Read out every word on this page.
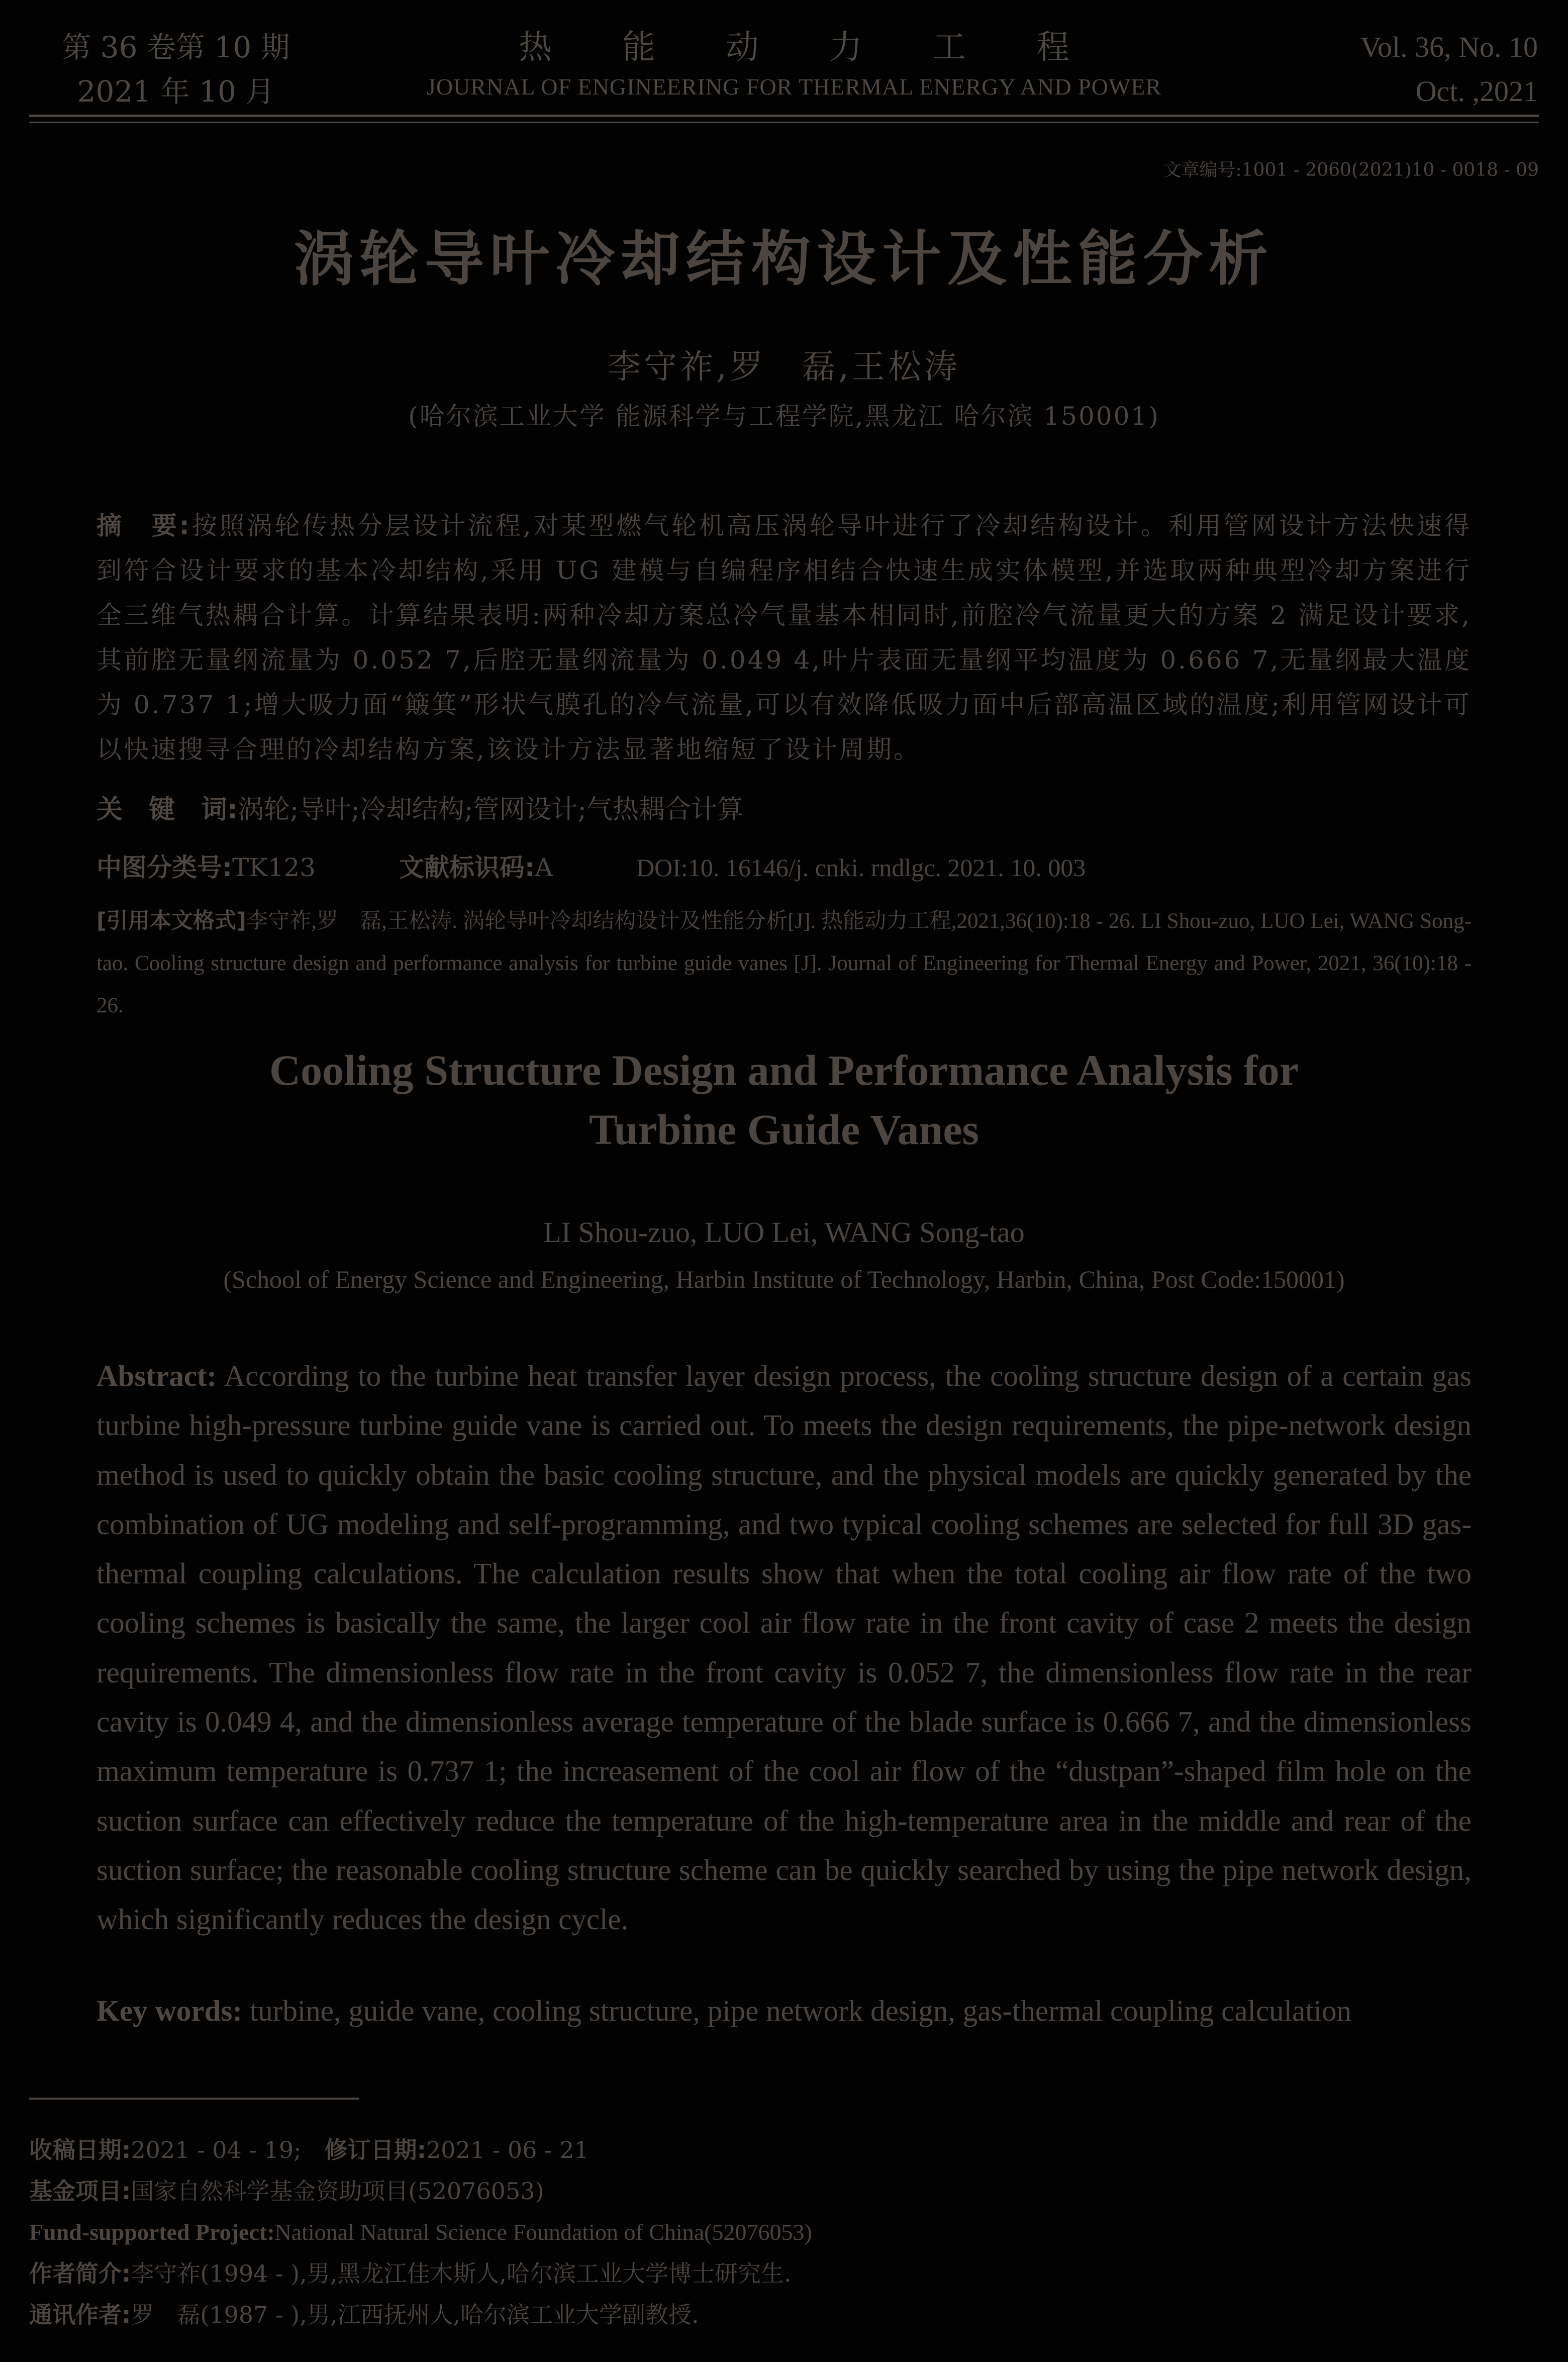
第 36 卷第 10 期
2021 年 10 月
热能动力工程
JOURNAL OF ENGINEERING FOR THERMAL ENERGY AND POWER
Vol. 36, No. 10
Oct. ,2021
文章编号:1001 - 2060(2021)10 - 0018 - 09
涡轮导叶冷却结构设计及性能分析
李守祚,罗　磊,王松涛
(哈尔滨工业大学 能源科学与工程学院,黑龙江 哈尔滨 150001)
摘　要:按照涡轮传热分层设计流程,对某型燃气轮机高压涡轮导叶进行了冷却结构设计。利用管网设计方法快速得到符合设计要求的基本冷却结构,采用 UG 建模与自编程序相结合快速生成实体模型,并选取两种典型冷却方案进行全三维气热耦合计算。计算结果表明:两种冷却方案总冷气量基本相同时,前腔冷气流量更大的方案 2 满足设计要求,其前腔无量纲流量为 0.052 7,后腔无量纲流量为 0.049 4,叶片表面无量纲平均温度为 0.666 7,无量纲最大温度为 0.737 1;增大吸力面“簸箕”形状气膜孔的冷气流量,可以有效降低吸力面中后部高温区域的温度;利用管网设计可以快速搜寻合理的冷却结构方案,该设计方法显著地缩短了设计周期。
关　键　词:涡轮;导叶;冷却结构;管网设计;气热耦合计算
中图分类号:TK123	文献标识码:A	DOI:10. 16146/j. cnki. rndlgc. 2021. 10. 003
[引用本文格式]李守祚,罗　磊,王松涛. 涡轮导叶冷却结构设计及性能分析[J]. 热能动力工程,2021,36(10):18 - 26. LI Shou-zuo, LUO Lei, WANG Song-tao. Cooling structure design and performance analysis for turbine guide vanes [J]. Journal of Engineering for Thermal Energy and Power, 2021, 36(10):18 - 26.
Cooling Structure Design and Performance Analysis for
Turbine Guide Vanes
LI Shou-zuo, LUO Lei, WANG Song-tao
(School of Energy Science and Engineering, Harbin Institute of Technology, Harbin, China, Post Code:150001)
Abstract: According to the turbine heat transfer layer design process, the cooling structure design of a certain gas turbine high-pressure turbine guide vane is carried out. To meets the design requirements, the pipe-network design method is used to quickly obtain the basic cooling structure, and the physical models are quickly generated by the combination of UG modeling and self-programming, and two typical cooling schemes are selected for full 3D gas-thermal coupling calculations. The calculation results show that when the total cooling air flow rate of the two cooling schemes is basically the same, the larger cool air flow rate in the front cavity of case 2 meets the design requirements. The dimensionless flow rate in the front cavity is 0.052 7, the dimensionless flow rate in the rear cavity is 0.049 4, and the dimensionless average temperature of the blade surface is 0.666 7, and the dimensionless maximum temperature is 0.737 1; the increasement of the cool air flow of the “dustpan”-shaped film hole on the suction surface can effectively reduce the temperature of the high-temperature area in the middle and rear of the suction surface; the reasonable cooling structure scheme can be quickly searched by using the pipe network design, which significantly reduces the design cycle.
Key words: turbine, guide vane, cooling structure, pipe network design, gas-thermal coupling calculation
收稿日期:2021 - 04 - 19;　修订日期:2021 - 06 - 21
基金项目:国家自然科学基金资助项目(52076053)
Fund-supported Project:National Natural Science Foundation of China(52076053)
作者简介:李守祚(1994 - ),男,黑龙江佳木斯人,哈尔滨工业大学博士研究生.
通讯作者:罗　磊(1987 - ),男,江西抚州人,哈尔滨工业大学副教授.
